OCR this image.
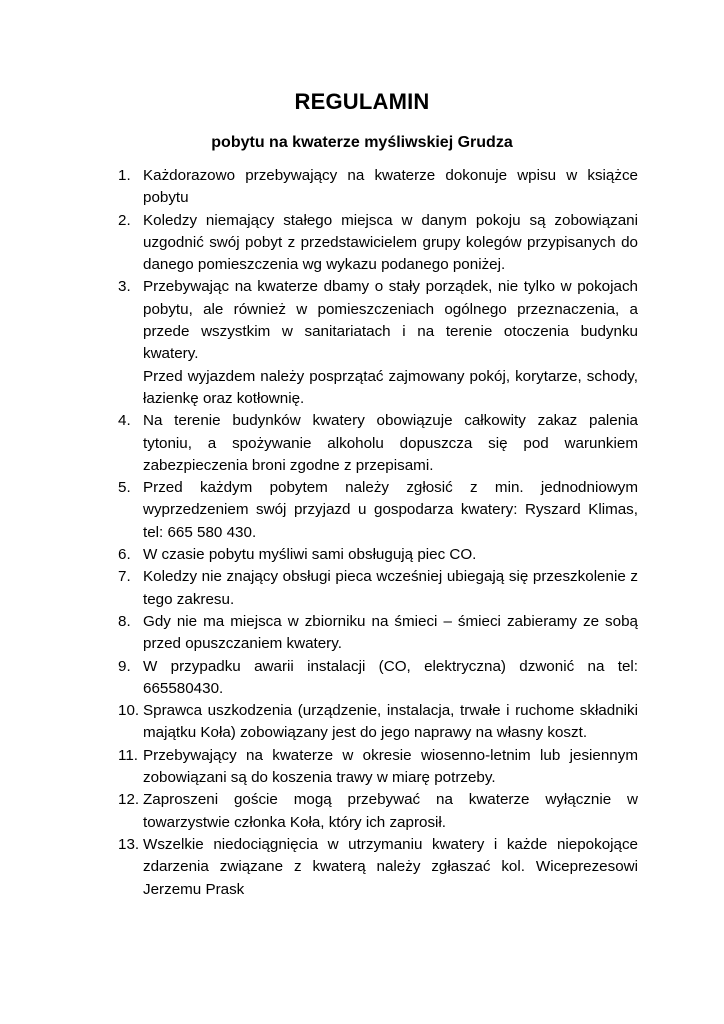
REGULAMIN
pobytu na kwaterze myśliwskiej Grudza
1. Każdorazowo przebywający na kwaterze dokonuje wpisu w książce pobytu
2. Koledzy niemający stałego miejsca w danym pokoju są zobowiązani uzgodnić swój pobyt z przedstawicielem grupy kolegów przypisanych do danego pomieszczenia wg wykazu podanego poniżej.
3. Przebywając na kwaterze dbamy o stały porządek, nie tylko w pokojach pobytu, ale również w pomieszczeniach ogólnego przeznaczenia, a przede wszystkim w sanitariatach i na terenie otoczenia budynku kwatery.
Przed wyjazdem należy posprzątać zajmowany pokój, korytarze, schody, łazienkę oraz kotłownię.
4. Na terenie budynków kwatery obowiązuje całkowity zakaz palenia tytoniu, a spożywanie alkoholu dopuszcza się pod warunkiem zabezpieczenia broni zgodne z przepisami.
5. Przed każdym pobytem należy zgłosić z min. jednodniowym wyprzedzeniem swój przyjazd u gospodarza kwatery: Ryszard Klimas, tel: 665 580 430.
6. W czasie pobytu myśliwi sami obsługują piec CO.
7. Koledzy nie znający obsługi pieca wcześniej ubiegają się przeszkolenie z tego zakresu.
8. Gdy nie ma miejsca w zbiorniku na śmieci – śmieci zabieramy ze sobą przed opuszczaniem kwatery.
9. W przypadku awarii instalacji (CO, elektryczna) dzwonić na tel: 665580430.
10. Sprawca uszkodzenia (urządzenie, instalacja, trwałe i ruchome składniki majątku Koła) zobowiązany jest do jego naprawy na własny koszt.
11. Przebywający na kwaterze w okresie wiosenno-letnim lub jesiennym zobowiązani są do koszenia trawy w miarę potrzeby.
12. Zaproszeni goście mogą przebywać na kwaterze wyłącznie w towarzystwie członka Koła, który ich zaprosił.
13. Wszelkie niedociągnięcia w utrzymaniu kwatery i każde niepokojące zdarzenia związane z kwaterą należy zgłaszać kol. Wiceprezesowi Jerzemu Prask
